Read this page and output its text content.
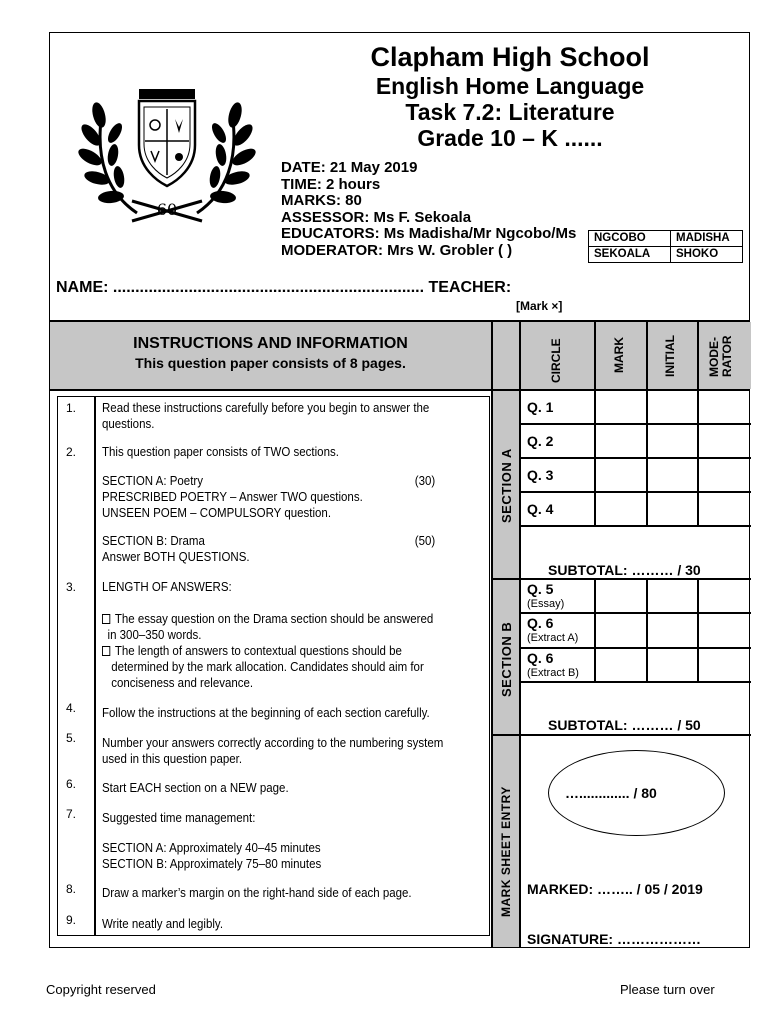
60
Clapham High School
English Home Language
Task 7.2: Literature
Grade 10 – K ......
DATE: 21 May 2019
TIME: 2 hours
MARKS: 80
ASSESSOR: Ms F. Sekoala
EDUCATORS: Ms Madisha/Mr Ngcobo/Ms
MODERATOR: Mrs W. Grobler ( )
NGCOBO	MADISHA
SEKOALA	SHOKO
NAME: ...................................................................... TEACHER:
[Mark ×]
INSTRUCTIONS AND INFORMATION
This question paper consists of 8 pages.	CIRCLE	MARK	INITIAL	MODE- RATOR
Q. 1
Q. 2
Q. 3
Q. 4
SUBTOTAL: ……… / 30
SECTION A
Q. 5
(Essay)
Q. 6
(Extract A)
Q. 6
(Extract B)
SUBTOTAL: ……… / 50
SECTION B
MARK SHEET ENTRY	…............. / 80
MARKED: …….. / 05 / 2019
SIGNATURE: ………………
1. Read these instructions carefully before you begin to answer the
questions.
2. This question paper consists of TWO sections.
SECTION A: Poetry
PRESCRIBED POETRY – Answer TWO questions.
UNSEEN POEM – COMPULSORY question.
(30)
SECTION B: Drama
Answer BOTH QUESTIONS.
(50)
3. LENGTH OF ANSWERS:
The essay question on the Drama section should be answered
in 300–350 words.
The length of answers to contextual questions should be
determined by the mark allocation. Candidates should aim for
conciseness and relevance.
4. Follow the instructions at the beginning of each section carefully.
5. Number your answers correctly according to the numbering system
used in this question paper.
6. Start EACH section on a NEW page.
7. Suggested time management:
SECTION A: Approximately 40–45 minutes
SECTION B: Approximately 75–80 minutes
8. Draw a marker’s margin on the right-hand side of each page.
9. Write neatly and legibly.
Copyright reserved	Please turn over
